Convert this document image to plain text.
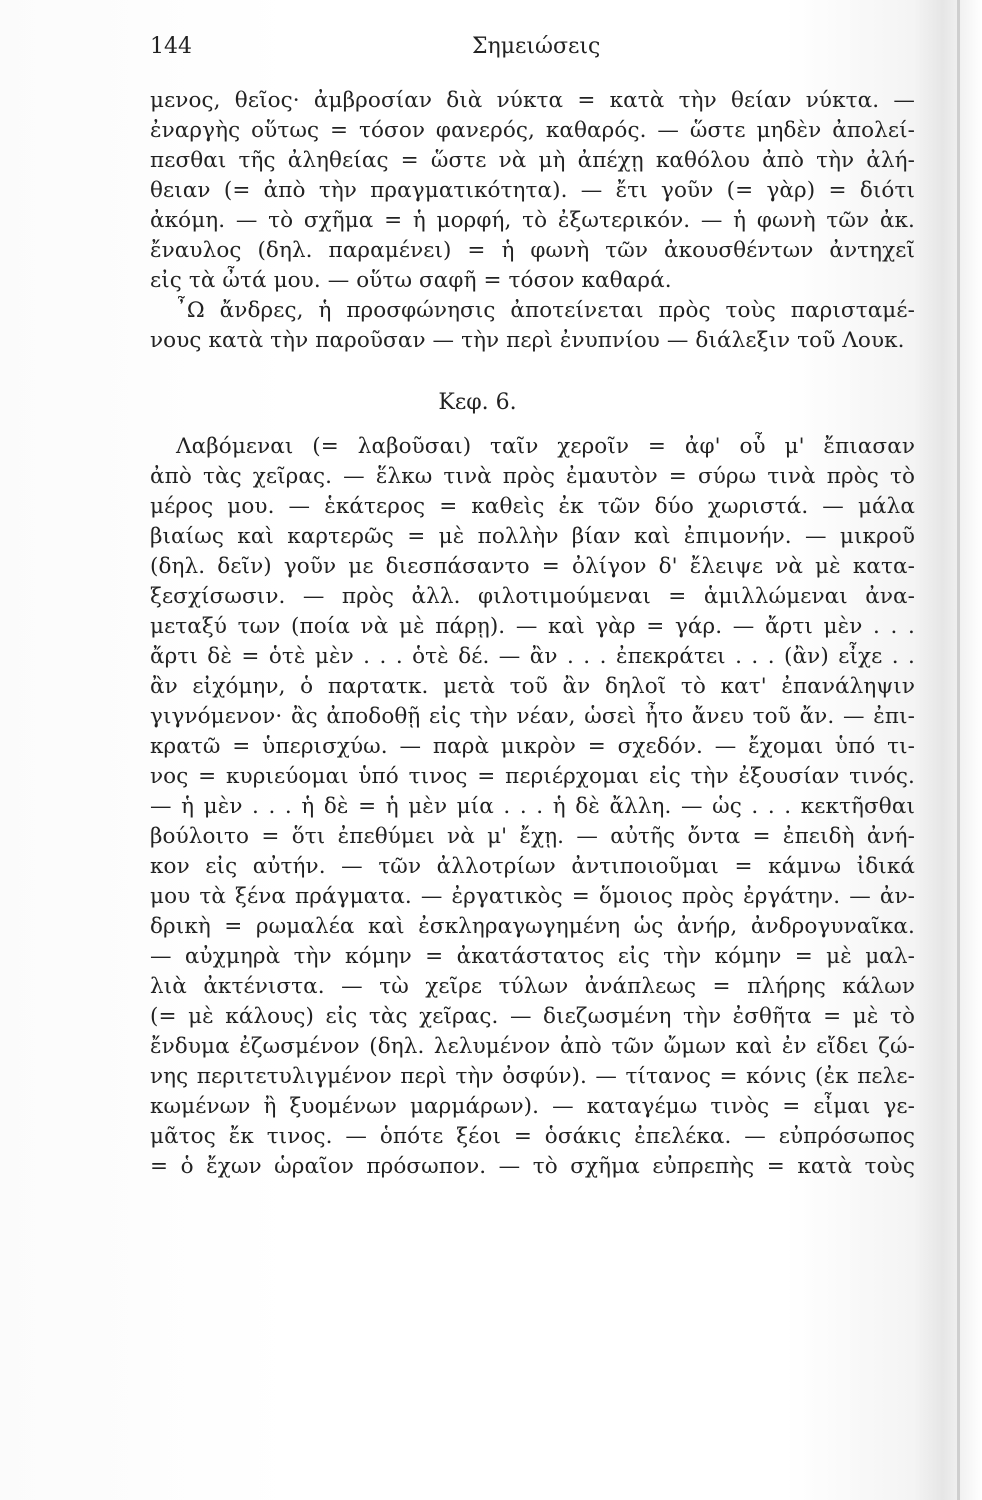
144	Σημειώσεις
μενος, θεῖος· ἀμβροσίαν διὰ νύκτα = κατὰ τὴν θείαν νύκτα. —
ἐναργὴς οὕτως = τόσον φανερός, καθαρός. — ὥστε μηδὲν ἀπολεί-
πεσθαι τῆς ἀληθείας = ὥστε νὰ μὴ ἀπέχῃ καθόλου ἀπὸ τὴν ἀλή-
θειαν (= ἀπὸ τὴν πραγματικότητα). — ἔτι γοῦν (= γὰρ) = διότι
ἀκόμη. — τὸ σχῆμα = ἡ μορφή, τὸ ἐξωτερικόν. — ἡ φωνὴ τῶν ἀκ.
ἔναυλος (δηλ. παραμένει) = ἡ φωνὴ τῶν ἀκουσθέντων ἀντηχεῖ
εἰς τὰ ὦτά μου. — οὕτω σαφῆ = τόσον καθαρά.
῏Ω ἄνδρες, ἡ προσφώνησις ἀποτείνεται πρὸς τοὺς παρισταμέ-
νους κατὰ τὴν παροῦσαν — τὴν περὶ ἐνυπνίου — διάλεξιν τοῦ Λουκ.
Κεφ. 6.
Λαβόμεναι (= λαβοῦσαι) ταῖν χεροῖν = ἀφ' οὗ μ' ἔπιασαν
ἀπὸ τὰς χεῖρας. — ἕλκω τινὰ πρὸς ἐμαυτὸν = σύρω τινὰ πρὸς τὸ
μέρος μου. — ἑκάτερος = καθεὶς ἐκ τῶν δύο χωριστά. — μάλα
βιαίως καὶ καρτερῶς = μὲ πολλὴν βίαν καὶ ἐπιμονήν. — μικροῦ
(δηλ. δεῖν) γοῦν με διεσπάσαντο = ὀλίγον δ' ἔλειψε νὰ μὲ κατα-
ξεσχίσωσιν. — πρὸς ἀλλ. φιλοτιμούμεναι = ἁμιλλώμεναι ἀνα-
μεταξύ των (ποία νὰ μὲ πάρῃ). — καὶ γὰρ = γάρ. — ἄρτι μὲν . . .
ἄρτι δὲ = ὁτὲ μὲν . . . ὁτὲ δέ. — ἂν . . . ἐπεκράτει . . . (ἂν) εἶχε . .
ἂν εἰχόμην, ὁ παρτατκ. μετὰ τοῦ ἂν δηλοῖ τὸ κατ' ἐπανάληψιν
γιγνόμενον· ἂς ἀποδοθῇ εἰς τὴν νέαν, ὡσεὶ ἦτο ἄνευ τοῦ ἄν. — ἐπι-
κρατῶ = ὑπερισχύω. — παρὰ μικρὸν = σχεδόν. — ἔχομαι ὑπό τι-
νος = κυριεύομαι ὑπό τινος = περιέρχομαι εἰς τὴν ἐξουσίαν τινός.
— ἡ μὲν . . . ἡ δὲ = ἡ μὲν μία . . . ἡ δὲ ἄλλη. — ὡς . . . κεκτῆσθαι
βούλοιτο = ὅτι ἐπεθύμει νὰ μ' ἔχῃ. — αὐτῆς ὄντα = ἐπειδὴ ἀνή-
κον εἰς αὐτήν. — τῶν ἀλλοτρίων ἀντιποιοῦμαι = κάμνω ἰδικά
μου τὰ ξένα πράγματα. — ἐργατικὸς = ὅμοιος πρὸς ἐργάτην. — ἀν-
δρικὴ = ρωμαλέα καὶ ἐσκληραγωγημένη ὡς ἀνήρ, ἀνδρογυναῖκα.
— αὐχμηρὰ τὴν κόμην = ἀκατάστατος εἰς τὴν κόμην = μὲ μαλ-
λιὰ ἀκτένιστα. — τὼ χεῖρε τύλων ἀνάπλεως = πλήρης κάλων
(= μὲ κάλους) εἰς τὰς χεῖρας. — διεζωσμένη τὴν ἐσθῆτα = μὲ τὸ
ἔνδυμα ἐζωσμένον (δηλ. λελυμένον ἀπὸ τῶν ὤμων καὶ ἐν εἴδει ζώ-
νης περιτετυλιγμένον περὶ τὴν ὀσφύν). — τίτανος = κόνις (ἐκ πελε-
κωμένων ἢ ξυομένων μαρμάρων). — καταγέμω τινὸς = εἶμαι γε-
μᾶτος ἔκ τινος. — ὁπότε ξέοι = ὁσάκις ἐπελέκα. — εὐπρόσωπος
= ὁ ἔχων ὡραῖον πρόσωπον. — τὸ σχῆμα εὐπρεπὴς = κατὰ τοὺς
